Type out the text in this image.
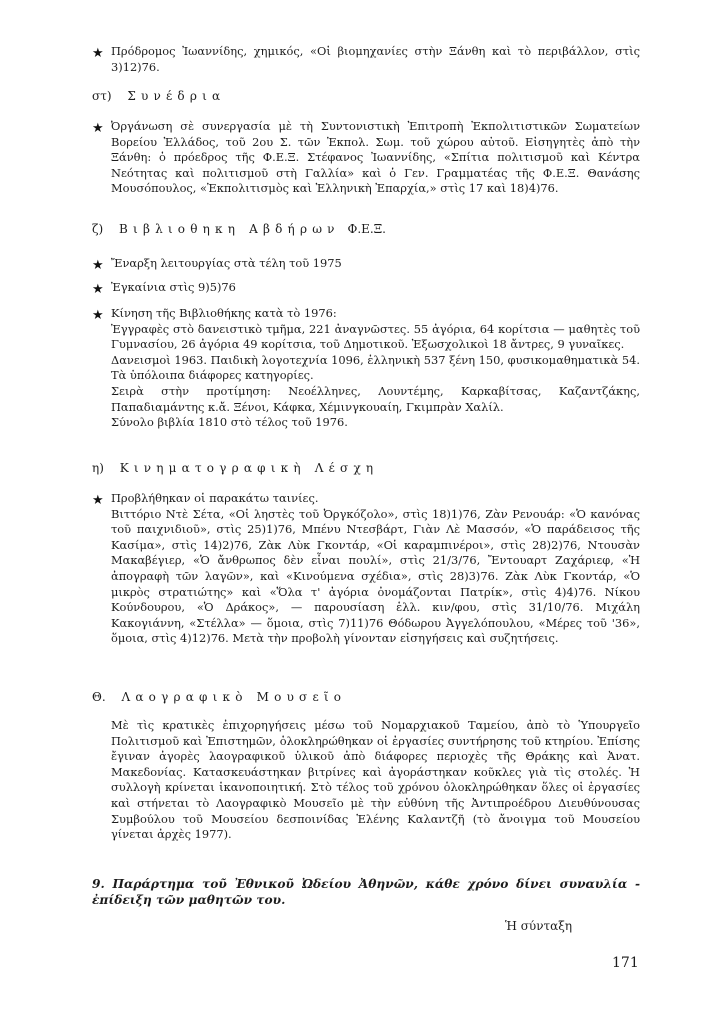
★ Πρόδρομος Ἰωαννίδης, χημικός, «Οἱ βιομηχανίες στὴν Ξάνθη καὶ τὸ περιβάλλον, στὶς 3)12)76.

στ) Συνέδρια
★ Ὀργάνωση σὲ συνεργασία μὲ τὴ Συντονιστικὴ Ἐπιτροπὴ Ἐκπολιτιστικῶν Σωματείων Βορείου Ἑλλάδος, τοῦ 2ου Σ. τῶν Ἐκπολ. Σωμ. τοῦ χώρου αὐτοῦ. Εἰσηγητὲς ἀπὸ τὴν Ξάνθη: ὁ πρόεδρος τῆς Φ.Ε.Ξ. Στέφανος Ἰωαννίδης, «Σπίτια πολιτισμοῦ καὶ Κέντρα Νεότητας καὶ πολιτισμοῦ στὴ Γαλλία» καὶ ὁ Γεν. Γραμματέας τῆς Φ.Ε.Ξ. Θανάσης Μουσόπουλος, «Ἐκπολιτισμὸς καὶ Ἑλληνικὴ Ἐπαρχία,» στὶς 17 καὶ 18)4)76.

ζ) Βιβλιοθηκη Αβδήρων Φ.Ε.Ξ.
★ Ἔναρξη λειτουργίας στὰ τέλη τοῦ 1975

★ Ἐγκαίνια στὶς 9)5)76

★ Κίνηση τῆς Βιβλιοθήκης κατὰ τὸ 1976:
Ἐγγραφὲς στὸ δανειστικὸ τμῆμα, 221 ἀναγνῶστες. 55 ἀγόρια, 64 κορίτσια — μαθητὲς τοῦ Γυμνασίου, 26 ἀγόρια 49 κορίτσια, τοῦ Δημοτικοῦ. Ἐξωσχολικοὶ 18 ἄντρες, 9 γυναῖκες.
Δανεισμοὶ 1963. Παιδικὴ λογοτεχνία 1096, ἑλληνικὴ 537 ξένη 150, φυσικομαθηματικὰ 54. Τὰ ὑπόλοιπα διάφορες κατηγορίες.
Σειρὰ στὴν προτίμηση: Νεοέλληνες, Λουντέμης, Καρκαβίτσας, Καζαντζάκης, Παπαδιαμάντης κ.ἄ. Ξένοι, Κάφκα, Χέμινγκουαίη, Γκιμπρὰν Χαλίλ.
Σύνολο βιβλία 1810 στὸ τέλος τοῦ 1976.
η) Κινηματογραφικὴ Λέσχη
★ Προβλήθηκαν οἱ παρακάτω ταινίες.
Βιττόριο Ντὲ Σέτα, «Οἱ ληστὲς τοῦ Ὀργκόζολο», στὶς 18)1)76, Ζὰν Ρενουάρ: «Ὁ κανόνας τοῦ παιχνιδιοῦ», στὶς 25)1)76, Μπένυ Ντεσβάρτ, Γιὰν Λὲ Μασσόν, «Ὁ παράδεισος τῆς Κασίμα», στὶς 14)2)76, Ζὰκ Λὺκ Γκοντάρ, «Οἱ καραμπινέροι», στὶς 28)2)76, Ντουσὰν Μακαβέγιερ, «Ὁ ἄνθρωπος δὲν εἶναι πουλί», στὶς 21/3/76, Ἔντουαρτ Ζαχάριεφ, «Ἡ ἀπογραφὴ τῶν λαγῶν», καὶ «Κινούμενα σχέδια», στὶς 28)3)76. Ζὰκ Λὺκ Γκοντάρ, «Ὁ μικρὸς στρατιώτης» καὶ «Ὅλα τ' ἀγόρια ὀνομάζονται Πατρίκ», στὶς 4)4)76. Νίκου Κούνδουρου, «Ὁ Δράκος», — παρουσίαση ἑλλ. κιν/φου, στὶς 31/10/76. Μιχάλη Κακογιάννη, «Στέλλα» — ὅμοια, στὶς 7)11)76 Θόδωρου Ἀγγελόπουλου, «Μέρες τοῦ '36», ὅμοια, στὶς 4)12)76. Μετὰ τὴν προβολὴ γίνονταν εἰσηγήσεις καὶ συζητήσεις.
Θ. Λαογραφικὸ Μουσεῖο

Μὲ τὶς κρατικὲς ἐπιχορηγήσεις μέσω τοῦ Νομαρχιακοῦ Ταμείου, ἀπὸ τὸ Ὑπουργεῖο Πολιτισμοῦ καὶ Ἐπιστημῶν, ὁλοκληρώθηκαν οἱ ἐργασίες συντήρησης τοῦ κτηρίου. Ἐπίσης ἔγιναν ἀγορὲς λαογραφικοῦ ὑλικοῦ ἀπὸ διάφορες περιοχὲς τῆς Θράκης καὶ Ἀνατ. Μακεδονίας. Κατασκευάστηκαν βιτρίνες καὶ ἀγοράστηκαν κοῦκλες γιὰ τὶς στολές. Ἡ συλλογὴ κρίνεται ἱκανοποιητική. Στὸ τέλος τοῦ χρόνου ὁλοκληρώθηκαν ὅλες οἱ ἐργασίες καὶ στήνεται τὸ Λαογραφικὸ Μουσεῖο μὲ τὴν εὐθύνη τῆς Ἀντιπροέδρου Διευθύνουσας Συμβούλου τοῦ Μουσείου δεσποινίδας Ἑλένης Καλαντζῆ (τὸ ἄνοιγμα τοῦ Μουσείου γίνεται ἀρχὲς 1977).

9. Παράρτημα τοῦ Ἐθνικοῦ Ὠδείου Ἀθηνῶν, κάθε χρόνο δίνει συναυλία - ἐπίδειξη τῶν μαθητῶν του.

Ἡ σύνταξη
171
